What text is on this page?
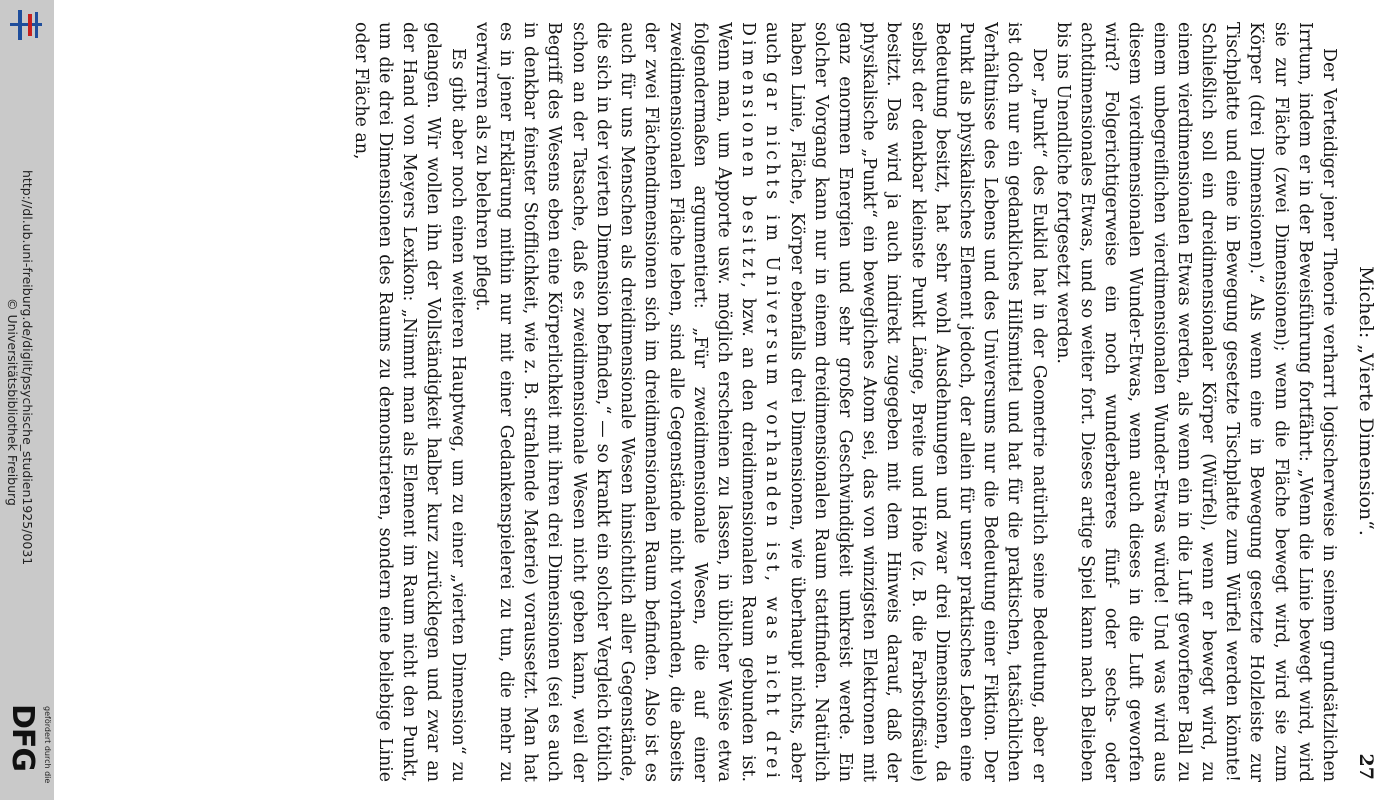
http://dl.ub.uni-freiburg.de/diglit/psychische_studien1925/0031
© Universitätsbibliothek Freiburg
gefördert durch die
DFG
Michel: „Vierte Dimension“.
27

Der Verteidiger jener Theorie verharrt logischerweise in seinem grundsätzlichen Irrtum, indem er in der Beweisführung fortfährt: „Wenn die Linie bewegt wird, wird sie zur Fläche (zwei Dimensionen); wenn die Fläche bewegt wird, wird sie zum Körper (drei Dimensionen).“ Als wenn eine in Bewegung gesetzte Holzleiste zur Tischplatte und eine in Bewegung gesetzte Tischplatte zum Würfel werden könnte! Schließlich soll ein dreidimensionaler Körper (Würfel), wenn er bewegt wird, zu einem vierdimensionalen Etwas werden, als wenn ein in die Luft geworfener Ball zu einem unbegreiflichen vierdimensionalen Wunder-Etwas würde! Und was wird aus diesem vierdimensionalen Wunder-Etwas, wenn auch dieses in die Luft geworfen wird? Folgerichtigerweise ein noch wunderbareres fünf- oder sechs- oder achtdimensionales Etwas, und so weiter fort. Dieses artige Spiel kann nach Belieben bis ins Unendliche fortgesetzt werden.

Der „Punkt“ des Euklid hat in der Geometrie natürlich seine Bedeutung, aber er ist doch nur ein gedankliches Hilfsmittel und hat für die praktischen, tatsächlichen Verhältnisse des Lebens und des Universums nur die Bedeutung einer Fiktion. Der Punkt als physikalisches Element jedoch, der allein für unser praktisches Leben eine Bedeutung besitzt, hat sehr wohl Ausdehnungen und zwar drei Dimensionen, da selbst der denkbar kleinste Punkt Länge, Breite und Höhe (z. B. die Farbstoffsäule) besitzt. Das wird ja auch indirekt zugegeben mit dem Hinweis darauf, daß der physikalische „Punkt“ ein bewegliches Atom sei, das von winzigsten Elektronen mit ganz enormen Energien und sehr großer Geschwindigkeit umkreist werde. Ein solcher Vorgang kann nur in einem dreidimensionalen Raum stattfinden. Natürlich haben Linie, Fläche, Körper ebenfalls drei Dimensionen, wie überhaupt nichts, aber auch gar nichts im Universum vorhanden ist, was nicht drei Dimensionen besitzt, bzw. an den dreidimensionalen Raum gebunden ist. Wenn man, um Apporte usw. möglich erscheinen zu lassen, in üblicher Weise etwa folgendermaßen argumentiert: „Für zweidimensionale Wesen, die auf einer zweidimensionalen Fläche leben, sind alle Gegenstände nicht vorhanden, die abseits der zwei Flächendimensionen sich im dreidimensionalen Raum befinden. Also ist es auch für uns Menschen als dreidimensionale Wesen hinsichtlich aller Gegenstände, die sich in der vierten Dimension befinden,“ — so krankt ein solcher Vergleich tötlich schon an der Tatsache, daß es zweidimensionale Wesen nicht geben kann, weil der Begriff des Wesens eben eine Körperlichkeit mit ihren drei Dimensionen (sei es auch in denkbar feinster Stofflichkeit, wie z. B. strahlende Materie) voraussetzt. Man hat es in jener Erklärung mithin nur mit einer Gedankenspielerei zu tun, die mehr zu verwirren als zu belehren pflegt.

Es gibt aber noch einen weiteren Hauptweg, um zu einer „vierten Dimension“ zu gelangen. Wir wollen ihn der Vollständigkeit halber kurz zurücklegen und zwar an der Hand von Meyers Lexikon: „Nimmt man als Element im Raum nicht den Punkt, um die drei Dimensionen des Raums zu demonstrieren, sondern eine beliebige Linie oder Fläche an,
